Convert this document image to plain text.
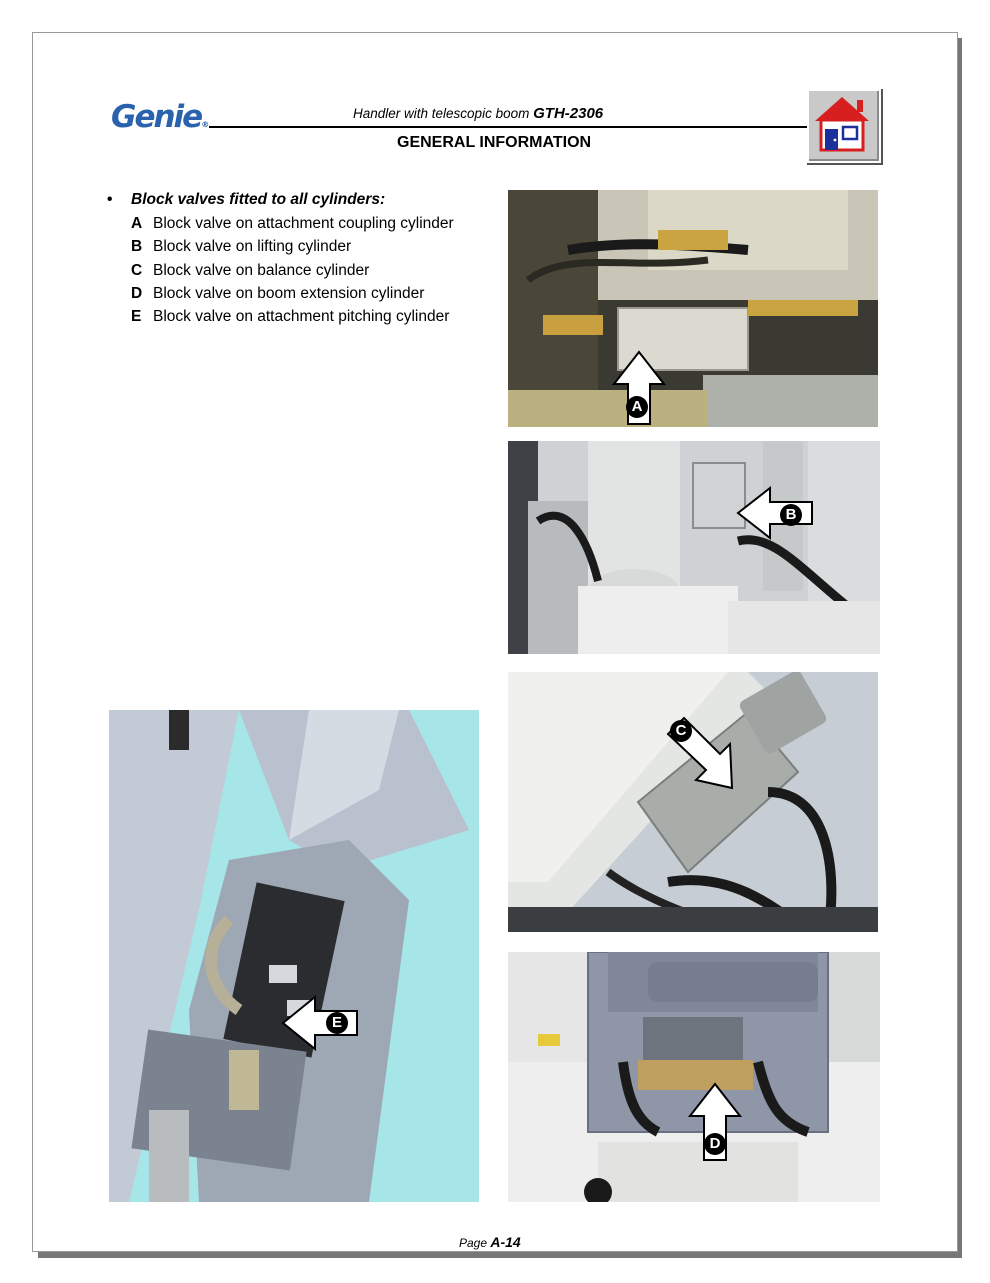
Genie®
Handler with telescopic boom GTH-2306
GENERAL INFORMATION
• Block valves fitted to all cylinders:
A Block valve on attachment coupling cylinder
B Block valve on lifting cylinder
C Block valve on balance cylinder
D Block valve on boom extension cylinder
E Block valve on attachment pitching cylinder
A
B
C
D
E
Page A-14
